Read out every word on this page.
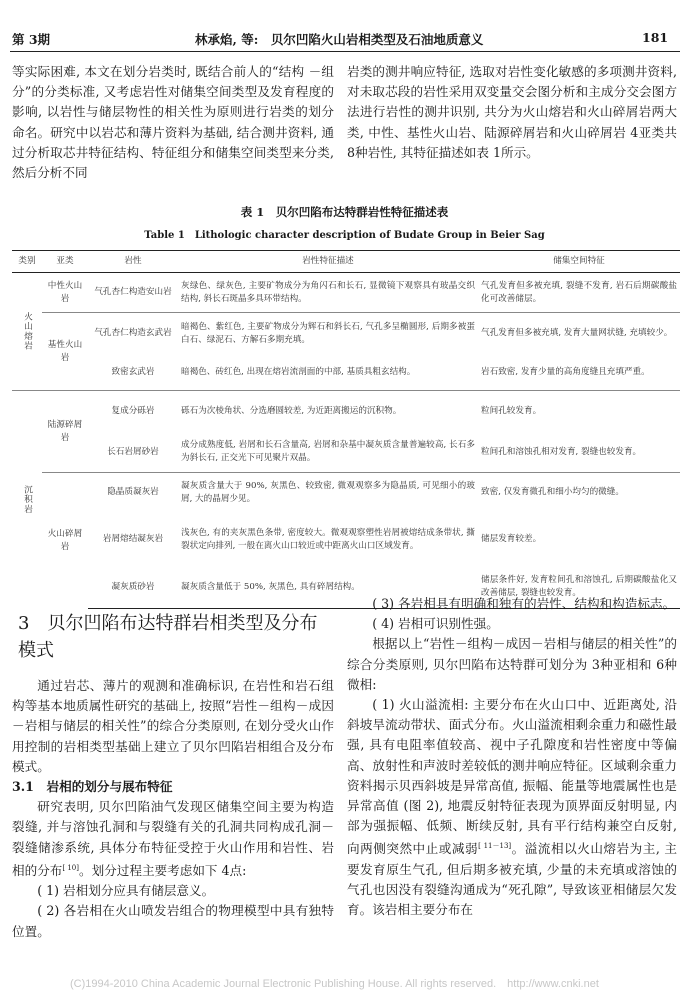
第 3期	林承焰, 等:　贝尔凹陷火山岩相类型及石油地质意义	181

等实际困难, 本文在划分岩类时, 既结合前人的“结构 －组分”的分类标准, 又考虑岩性对储集空间类型及发育程度的影响, 以岩性与储层物性的相关性为原则进行岩类的划分命名。研究中以岩芯和薄片资料为基础, 结合测井资料, 通过分析取芯井特征结构、特征组分和储集空间类型来分类, 然后分析不同

岩类的测井响应特征, 选取对岩性变化敏感的多项测井资料, 对未取芯段的岩性采用双变量交会图分析和主成分交会图方法进行岩性的测井识别, 共分为火山熔岩和火山碎屑岩两大类, 中性、基性火山岩、陆源碎屑岩和火山碎屑岩 4亚类共 8种岩性, 其特征描述如表 1所示。

表 1　贝尔凹陷布达特群岩性特征描述表
Table 1　Lithologic character description of Budate Group in Beier Sag
类别	亚类	岩性	岩性特征描述	储集空间特征

火山熔岩	中性火山岩	气孔杏仁构造安山岩	灰绿色、绿灰色, 主要矿物成分为角闪石和长石, 显微镜下观察具有玻晶交织结构, 斜长石斑晶多具环带结构。	气孔发育但多被充填, 裂缝不发育, 岩石后期碳酸盐化可改善储层。
	基性火山岩	气孔杏仁构造玄武岩	暗褐色、紫红色, 主要矿物成分为辉石和斜长石, 气孔多呈椭圆形, 后期多被蛋白石、绿泥石、方解石多期充填。	气孔发育但多被充填, 发育大量网状缝, 充填较少。
		致密玄武岩	暗褐色、砖红色, 出现在熔岩流剖面的中部, 基质具粗玄结构。	岩石致密, 发育少量的高角度缝且充填严重。

沉积岩	陆源碎屑岩	复成分砾岩	砾石为次棱角状、分选磨圆较差, 为近距离搬运的沉积物。	粒间孔较发育。
		长石岩屑砂岩	成分成熟度低, 岩屑和长石含量高, 岩屑和杂基中凝灰质含量普遍较高, 长石多为斜长石, 正交光下可见聚片双晶。	粒间孔和溶蚀孔相对发育, 裂缝也较发育。
	火山碎屑岩	隐晶质凝灰岩	凝灰质含量大于 90%, 灰黑色、较致密, 微观观察多为隐晶质, 可见细小的玻屑, 大的晶屑少见。	致密, 仅发育微孔和细小均匀的微缝。
		岩屑熔结凝灰岩	浅灰色, 有的夹灰黑色条带, 密度较大。微观观察塑性岩屑被熔结成条带状, 撕裂状定向排列, 一般在离火山口较近或中距离火山口区域发育。	储层发育较差。
		凝灰质砂岩	凝灰质含量低于 50%, 灰黑色, 具有碎屑结构。	储层条件好, 发育粒间孔和溶蚀孔, 后期碳酸盐化又改善储层, 裂缝也较发育。
3　贝尔凹陷布达特群岩相类型及分布模式

通过岩芯、薄片的观测和准确标识, 在岩性和岩石组构等基本地质属性研究的基础上, 按照“岩性－组构－成因－岩相与储层的相关性”的综合分类原则, 在划分受火山作用控制的岩相类型基础上建立了贝尔凹陷岩相组合及分布模式。

3.1　岩相的划分与展布特征

研究表明, 贝尔凹陷油气发现区储集空间主要为构造裂缝, 并与溶蚀孔洞和与裂缝有关的孔洞共同构成孔洞－裂缝储渗系统, 具体分布特征受控于火山作用和岩性、岩相的分布[ 10]。划分过程主要考虑如下 4点:

( 1) 岩相划分应具有储层意义。

( 2) 各岩相在火山喷发岩组合的物理模型中具有独特位置。

( 3) 各岩相具有明确和独有的岩性、结构和构造标志。

( 4) 岩相可识别性强。

根据以上“岩性－组构－成因－岩相与储层的相关性”的综合分类原则, 贝尔凹陷布达特群可划分为 3种亚相和 6种微相:

( 1) 火山溢流相: 主要分布在火山口中、近距离处, 沿斜坡旱流动带状、面式分布。火山溢流相剩余重力和磁性最强, 具有电阻率值较高、视中子孔隙度和岩性密度中等偏高、放射性和声波时差较低的测井响应特征。区域剩余重力资料揭示贝西斜坡是异常高值, 振幅、能量等地震属性也是异常高值 (图 2), 地震反射特征表现为顶界面反射明显, 内部为强振幅、低频、断续反射, 具有平行结构兼空白反射, 向两侧突然中止或减弱[ 11－13]。溢流相以火山熔岩为主, 主要发育原生气孔, 但后期多被充填, 少量的未充填或溶蚀的气孔也因没有裂缝沟通成为“死孔隙”, 导致该亚相储层欠发育。该岩相主要分布在

(C)1994-2010 China Academic Journal Electronic Publishing House. All rights reserved.　http://www.cnki.net
